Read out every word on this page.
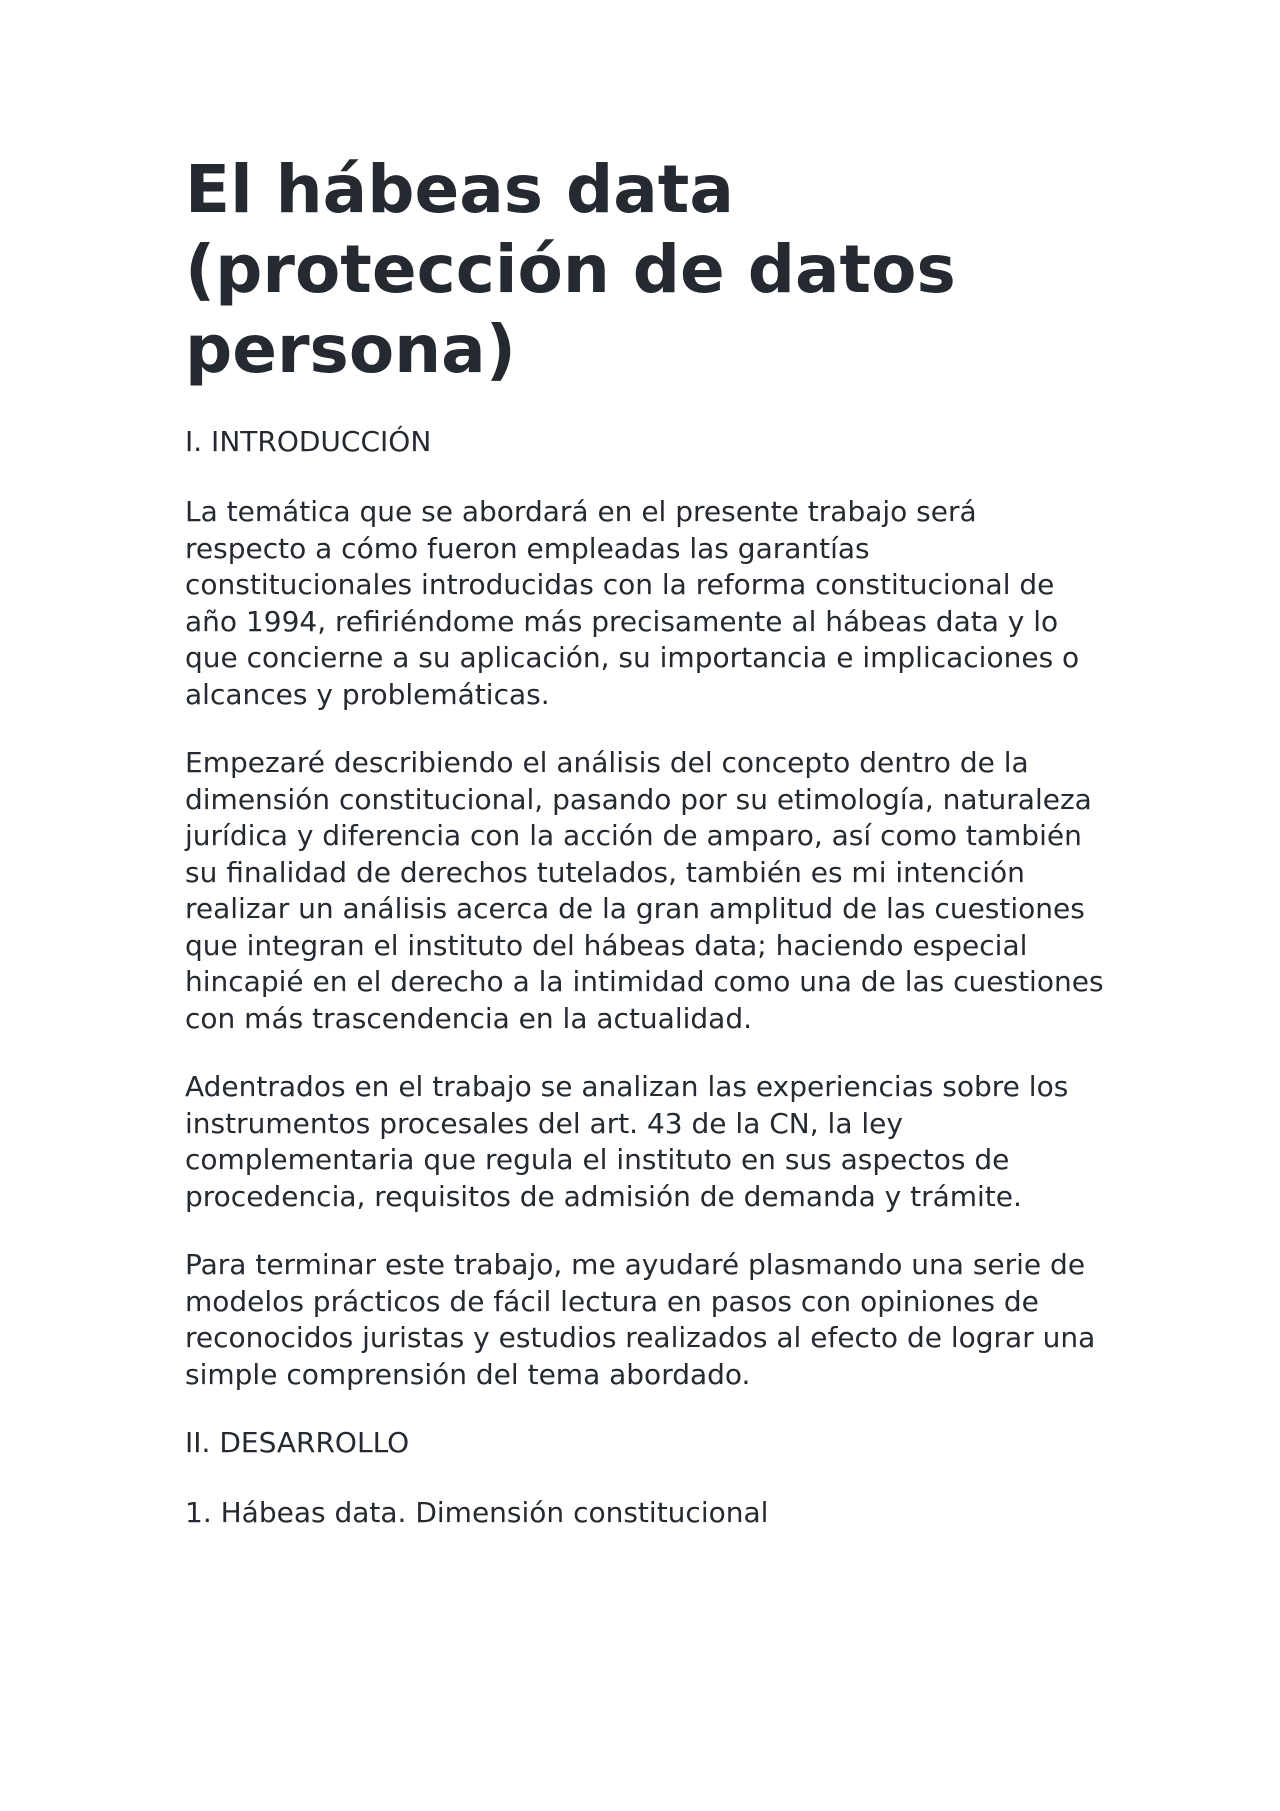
El hábeas data (protección de datos persona)
I. INTRODUCCIÓN

La temática que se abordará en el presente trabajo será respecto a cómo fueron empleadas las garantías constitucionales introducidas con la reforma constitucional de año 1994, refiriéndome más precisamente al hábeas data y lo que concierne a su aplicación, su importancia e implicaciones o alcances y problemáticas.

Empezaré describiendo el análisis del concepto dentro de la dimensión constitucional, pasando por su etimología, naturaleza jurídica y diferencia con la acción de amparo, así como también su finalidad de derechos tutelados, también es mi intención realizar un análisis acerca de la gran amplitud de las cuestiones que integran el instituto del hábeas data; haciendo especial hincapié en el derecho a la intimidad como una de las cuestiones con más trascendencia en la actualidad.

Adentrados en el trabajo se analizan las experiencias sobre los instrumentos procesales del art. 43 de la CN, la ley complementaria que regula el instituto en sus aspectos de procedencia, requisitos de admisión de demanda y trámite.

Para terminar este trabajo, me ayudaré plasmando una serie de modelos prácticos de fácil lectura en pasos con opiniones de reconocidos juristas y estudios realizados al efecto de lograr una simple comprensión del tema abordado.

II. DESARROLLO
1. Hábeas data. Dimensión constitucional
